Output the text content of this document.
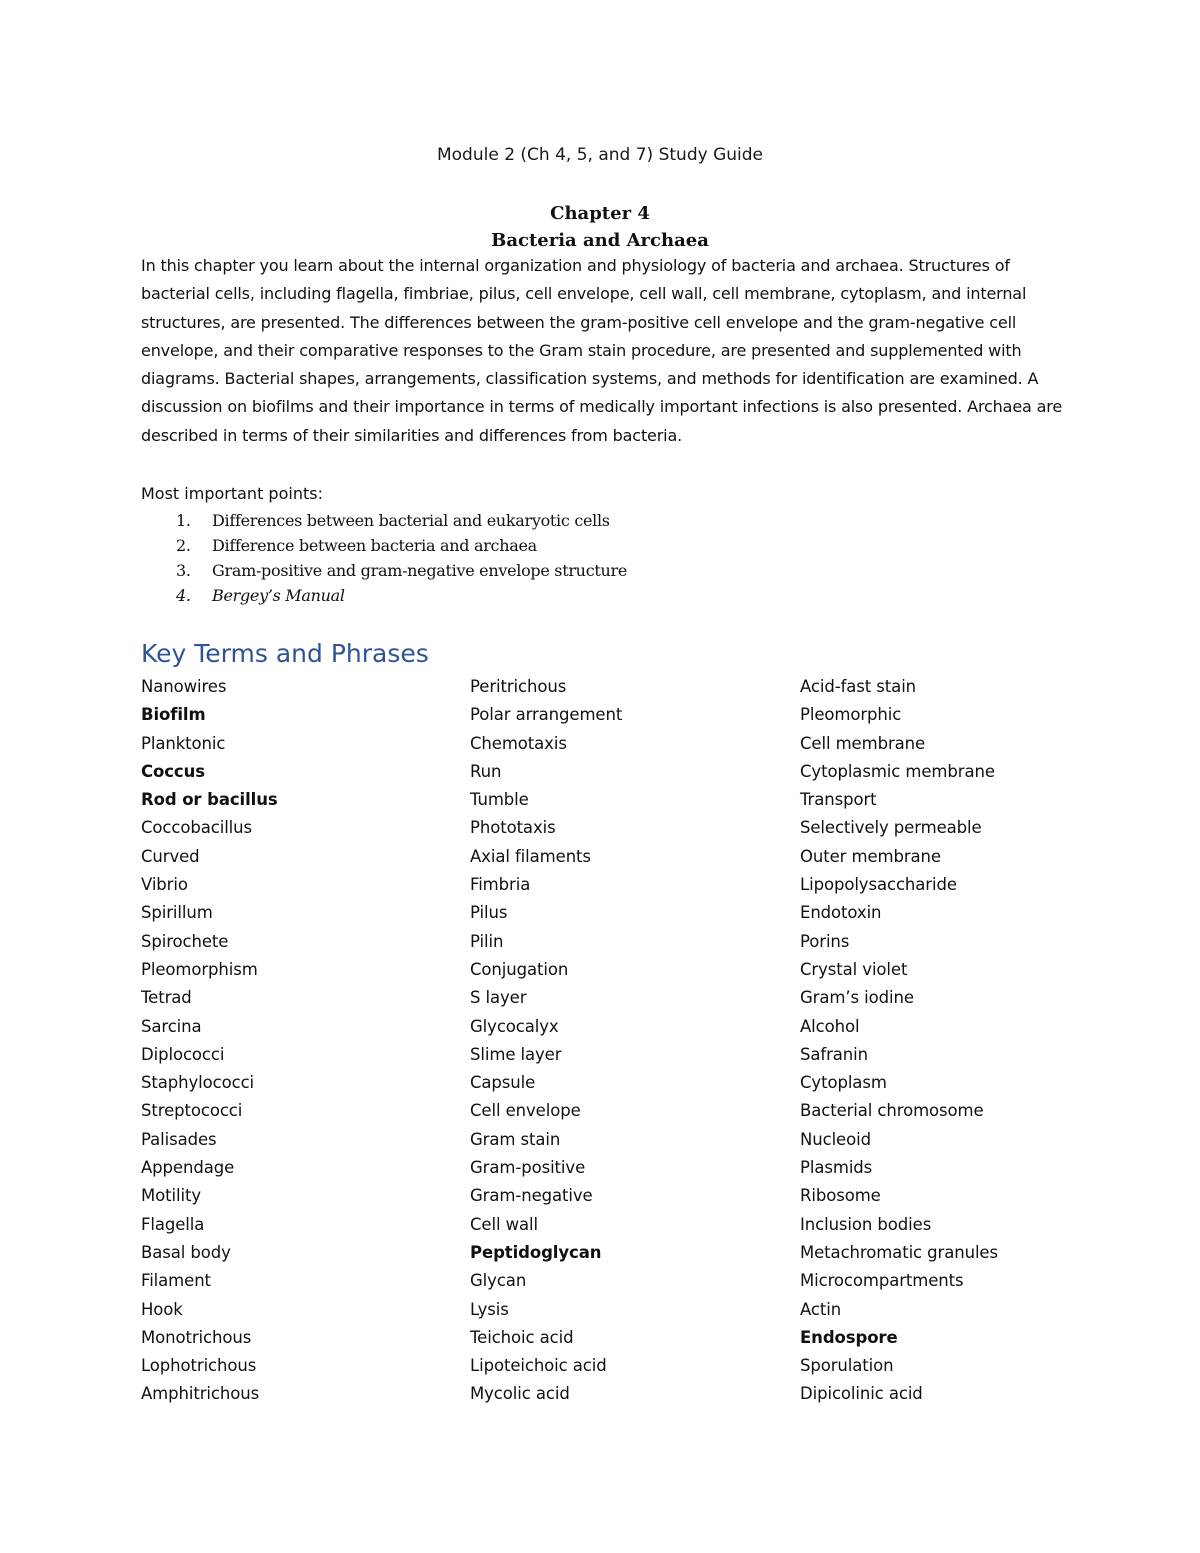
Module 2 (Ch 4, 5, and 7) Study Guide
Chapter 4
Bacteria and Archaea

In this chapter you learn about the internal organization and physiology of bacteria and archaea. Structures of bacterial cells, including flagella, fimbriae, pilus, cell envelope, cell wall, cell membrane, cytoplasm, and internal structures, are presented. The differences between the gram-positive cell envelope and the gram-negative cell envelope, and their comparative responses to the Gram stain procedure, are presented and supplemented with diagrams. Bacterial shapes, arrangements, classification systems, and methods for identification are examined. A discussion on biofilms and their importance in terms of medically important infections is also presented. Archaea are described in terms of their similarities and differences from bacteria.

Most important points:
1. Differences between bacterial and eukaryotic cells
2. Difference between bacteria and archaea
3. Gram-positive and gram-negative envelope structure
4. Bergey’s Manual
Key Terms and Phrases
Nanowires
Biofilm
Planktonic
Coccus
Rod or bacillus
Coccobacillus
Curved
Vibrio
Spirillum
Spirochete
Pleomorphism
Tetrad
Sarcina
Diplococci
Staphylococci
Streptococci
Palisades
Appendage
Motility
Flagella
Basal body
Filament
Hook
Monotrichous
Lophotrichous
Amphitrichous
Peritrichous
Polar arrangement
Chemotaxis
Run
Tumble
Phototaxis
Axial filaments
Fimbria
Pilus
Pilin
Conjugation
S layer
Glycocalyx
Slime layer
Capsule
Cell envelope
Gram stain
Gram-positive
Gram-negative
Cell wall
Peptidoglycan
Glycan
Lysis
Teichoic acid
Lipoteichoic acid
Mycolic acid
Acid-fast stain
Pleomorphic
Cell membrane
Cytoplasmic membrane
Transport
Selectively permeable
Outer membrane
Lipopolysaccharide
Endotoxin
Porins
Crystal violet
Gram’s iodine
Alcohol
Safranin
Cytoplasm
Bacterial chromosome
Nucleoid
Plasmids
Ribosome
Inclusion bodies
Metachromatic granules
Microcompartments
Actin
Endospore
Sporulation
Dipicolinic acid
